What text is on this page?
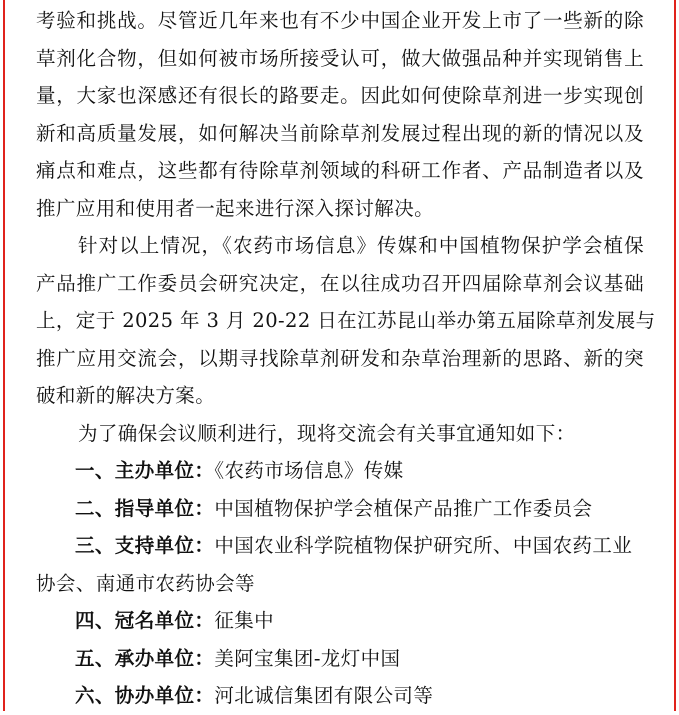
考验和挑战。尽管近几年来也有不少中国企业开发上市了一些新的除
草剂化合物，但如何被市场所接受认可，做大做强品种并实现销售上
量，大家也深感还有很长的路要走。因此如何使除草剂进一步实现创
新和高质量发展，如何解决当前除草剂发展过程出现的新的情况以及
痛点和难点，这些都有待除草剂领域的科研工作者、产品制造者以及
推广应用和使用者一起来进行深入探讨解决。
针对以上情况，《农药市场信息》传媒和中国植物保护学会植保
产品推广工作委员会研究决定，在以往成功召开四届除草剂会议基础
上，定于 2025 年 3 月 20-22 日在江苏昆山举办第五届除草剂发展与
推广应用交流会，以期寻找除草剂研发和杂草治理新的思路、新的突
破和新的解决方案。
为了确保会议顺利进行，现将交流会有关事宜通知如下：
一、主办单位：《农药市场信息》传媒
二、指导单位：中国植物保护学会植保产品推广工作委员会
三、支持单位：中国农业科学院植物保护研究所、中国农药工业
协会、南通市农药协会等
四、冠名单位：征集中
五、承办单位：美阿宝集团-龙灯中国
六、协办单位：河北诚信集团有限公司等
